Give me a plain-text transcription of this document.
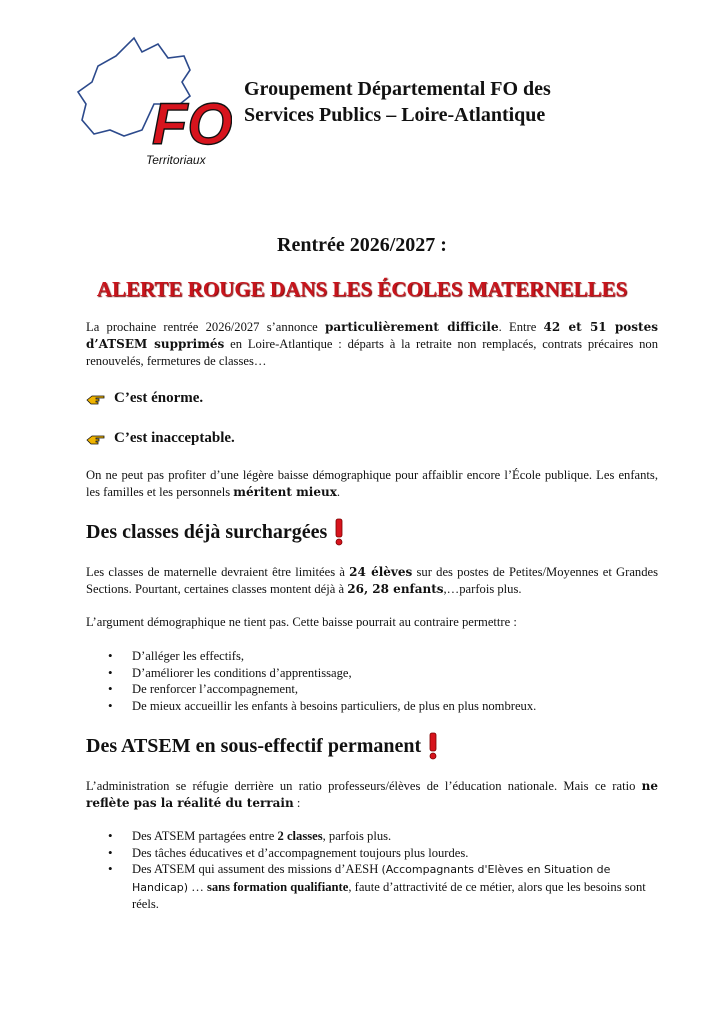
FO
Territoriaux
Groupement Départemental FO des
Services Publics – Loire-Atlantique
Rentrée 2026/2027 :
ALERTE ROUGE DANS LES ÉCOLES MATERNELLES
La prochaine rentrée 2026/2027 s’annonce particulièrement difficile. Entre 42 et 51 postes d’ATSEM supprimés en Loire-Atlantique : départs à la retraite non remplacés, contrats précaires non renouvelés, fermetures de classes…
C’est énorme.
C’est inacceptable.
On ne peut pas profiter d’une légère baisse démographique pour affaiblir encore l’École publique. Les enfants, les familles et les personnels méritent mieux.
Des classes déjà surchargées
Les classes de maternelle devraient être limitées à 24 élèves sur des postes de Petites/Moyennes et Grandes Sections. Pourtant, certaines classes montent déjà à 26, 28 enfants,…parfois plus.
L’argument démographique ne tient pas. Cette baisse pourrait au contraire permettre :
• D’alléger les effectifs,
• D’améliorer les conditions d’apprentissage,
• De renforcer l’accompagnement,
• De mieux accueillir les enfants à besoins particuliers, de plus en plus nombreux.
Des ATSEM en sous-effectif permanent
L’administration se réfugie derrière un ratio professeurs/élèves de l’éducation nationale. Mais ce ratio ne reflète pas la réalité du terrain :
• Des ATSEM partagées entre 2 classes, parfois plus.
• Des tâches éducatives et d’accompagnement toujours plus lourdes.
• Des ATSEM qui assument des missions d’AESH (Accompagnants d'Elèves en Situation de Handicap) … sans formation qualifiante, faute d’attractivité de ce métier, alors que les besoins sont réels.
